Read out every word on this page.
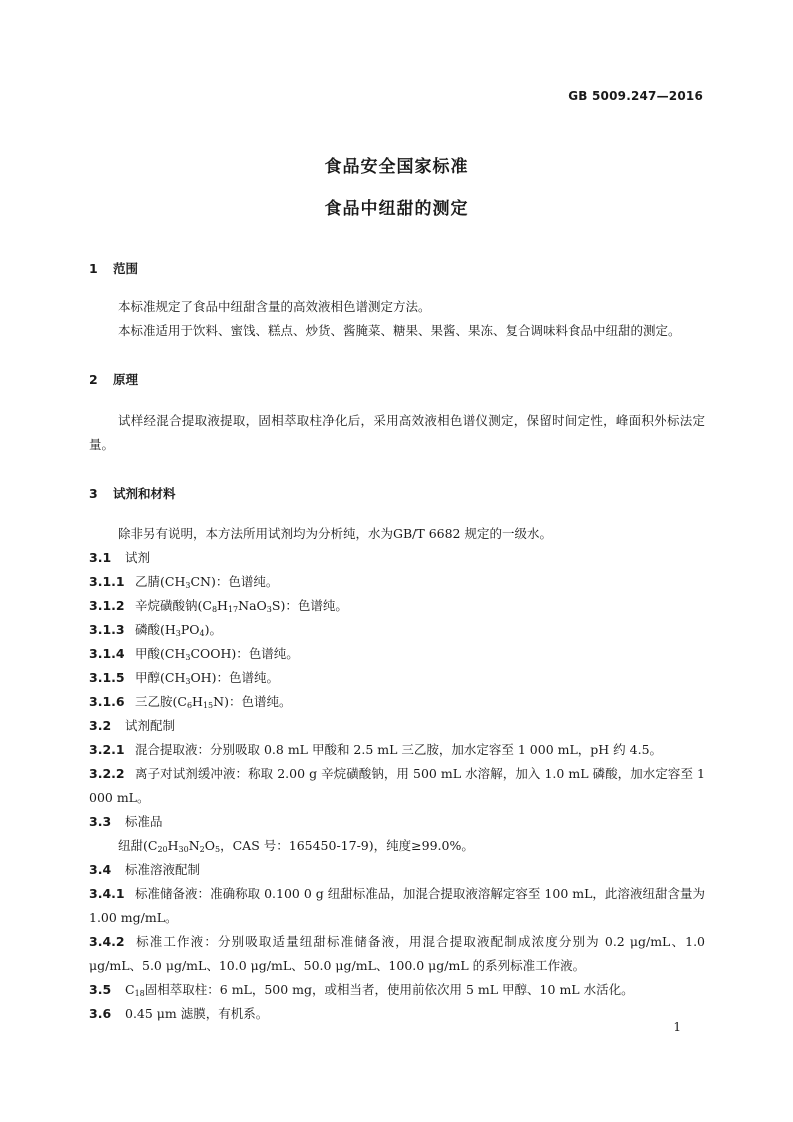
GB 5009.247—2016
食品安全国家标准
食品中纽甜的测定
1 范围
本标准规定了食品中纽甜含量的高效液相色谱测定方法。
本标准适用于饮料、蜜饯、糕点、炒货、酱腌菜、糖果、果酱、果冻、复合调味料食品中纽甜的测定。
2 原理
试样经混合提取液提取，固相萃取柱净化后，采用高效液相色谱仪测定，保留时间定性，峰面积外标法定量。
3 试剂和材料
除非另有说明，本方法所用试剂均为分析纯，水为GB/T 6682 规定的一级水。
3.1 试剂
3.1.1 乙腈$(CH_3CN)$：色谱纯。
3.1.2 辛烷磺酸钠$(C_8H_{17}NaO_3S)$：色谱纯。
3.1.3 磷酸$(H_3PO_4)$。
3.1.4 甲酸$(CH_3COOH)$：色谱纯。
3.1.5 甲醇$(CH_3OH)$：色谱纯。
3.1.6 三乙胺$(C_6H_{15}N)$：色谱纯。
3.2 试剂配制
3.2.1 混合提取液：分别吸取 0.8 mL 甲酸和 2.5 mL 三乙胺，加水定容至 1 000 mL，pH 约 4.5。
3.2.2 离子对试剂缓冲液：称取 2.00 g 辛烷磺酸钠，用 500 mL 水溶解，加入 1.0 mL 磷酸，加水定容至 1 000 mL。
3.3 标准品
纽甜($C_{20}H_{30}N_2O_5$，CAS 号：165450-17-9)，纯度≥99.0%。
3.4 标准溶液配制
3.4.1 标准储备液：准确称取 0.100 0 g 纽甜标准品，加混合提取液溶解定容至 100 mL，此溶液纽甜含量为 1.00 mg/mL。
3.4.2 标准工作液：分别吸取适量纽甜标准储备液，用混合提取液配制成浓度分别为 0.2 μg/mL、1.0 μg/mL、5.0 μg/mL、10.0 μg/mL、50.0 μg/mL、100.0 μg/mL 的系列标准工作液。
3.5 $C_{18}$固相萃取柱：6 mL，500 mg，或相当者，使用前依次用 5 mL 甲醇、10 mL 水活化。
3.6 0.45 μm 滤膜，有机系。
1
